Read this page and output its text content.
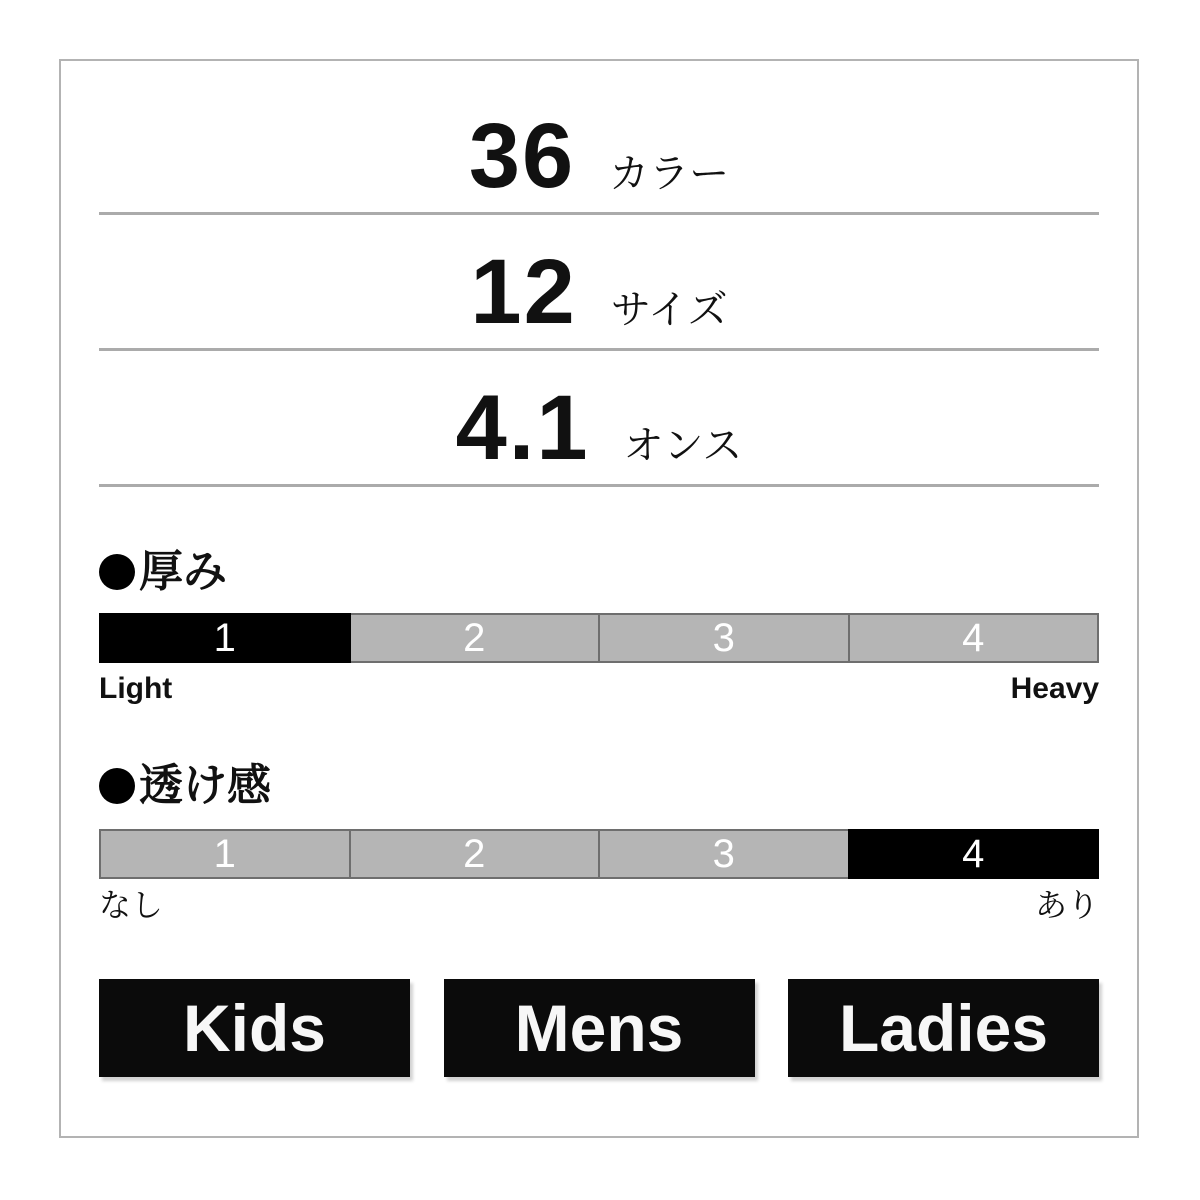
36 カラー
12 サイズ
4.1 オンス
厚み
1	2	3	4
Light	Heavy
透け感
1	2	3	4
なし	あり
Kids	Mens	Ladies
